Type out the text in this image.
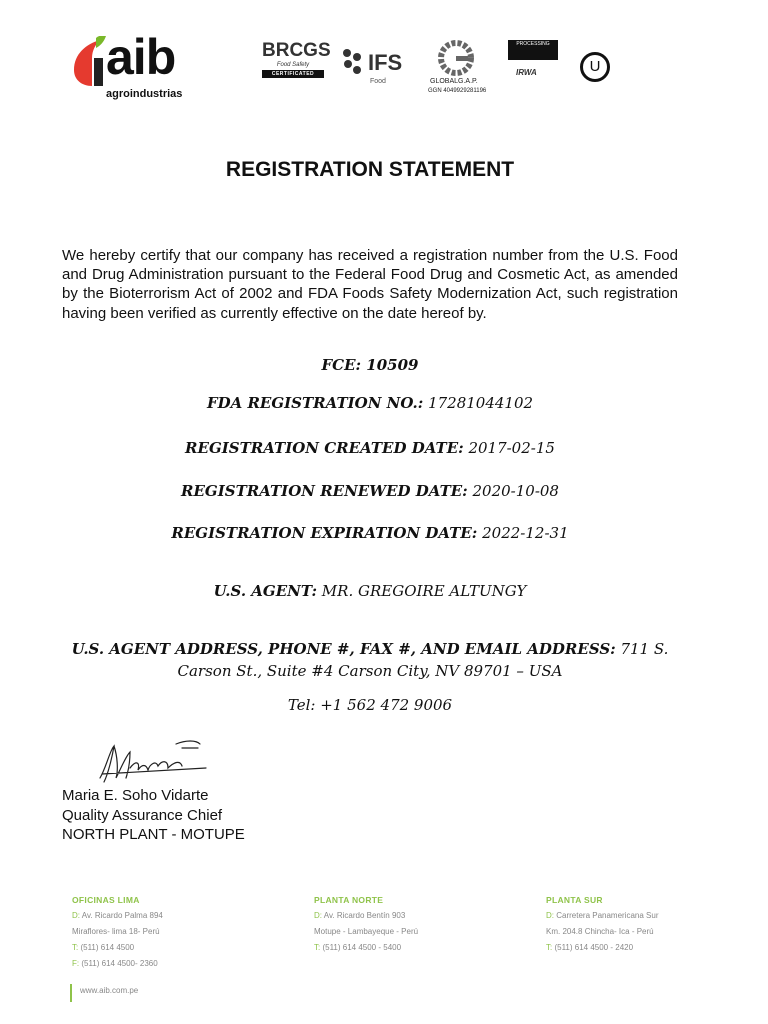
aib
agroindustrias
BRCGS
Food Safety
CERTIFICATED	IFS
Food	GLOBALG.A.P.
GGN 4049929281196
PROCESSING
IRWA	U
REGISTRATION STATEMENT
We hereby certify that our company has received a registration number from the U.S. Food and Drug Administration pursuant to the Federal Food Drug and Cosmetic Act, as amended by the Bioterrorism Act of 2002 and FDA Foods Safety Modernization Act, such registration having been verified as currently effective on the date hereof by.
FCE: 10509
FDA REGISTRATION NO.: 17281044102
REGISTRATION CREATED DATE: 2017-02-15
REGISTRATION RENEWED DATE: 2020-10-08
REGISTRATION EXPIRATION DATE: 2022-12-31
U.S. AGENT: MR. GREGOIRE ALTUNGY
U.S. AGENT ADDRESS, PHONE #, FAX #, AND EMAIL ADDRESS: 711 S. Carson St., Suite #4 Carson City, NV 89701 – USA
Tel: +1 562 472 9006
Maria E. Soho Vidarte
Quality Assurance Chief
NORTH PLANT - MOTUPE
OFICINAS LIMA
D: Av. Ricardo Palma 894
Miraflores- lima 18- Perú
T: (511) 614 4500
F: (511) 614 4500- 2360
PLANTA NORTE
D: Av. Ricardo Bentín 903
Motupe - Lambayeque - Perú
T: (511) 614 4500 - 5400
PLANTA SUR
D: Carretera Panamericana Sur
Km. 204.8 Chincha- Ica - Perú
T: (511) 614 4500 - 2420
www.aib.com.pe
